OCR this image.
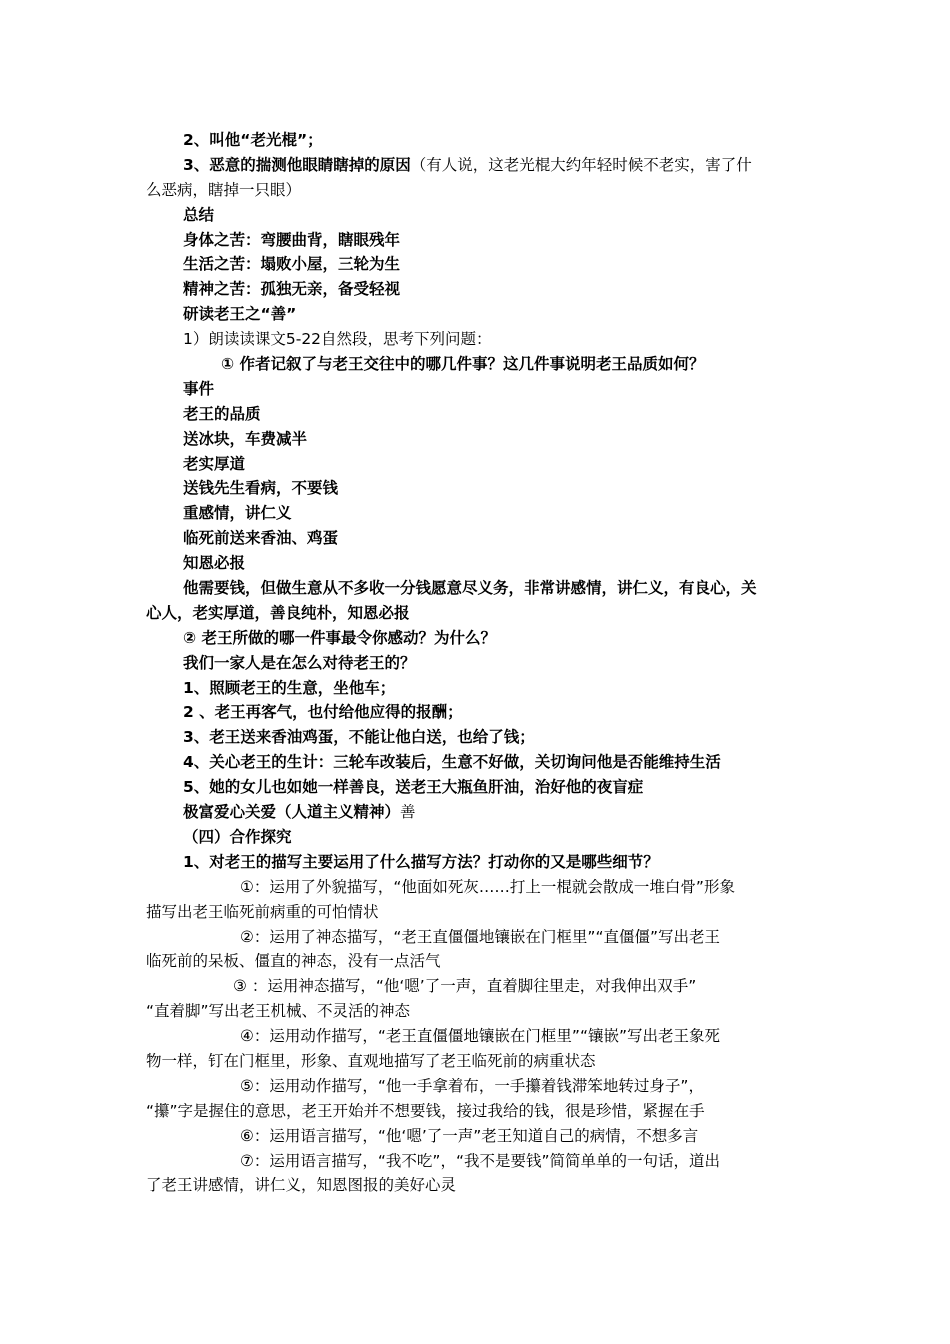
2、叫他“老光棍”；
3、恶意的揣测他眼睛瞎掉的原因（有人说，这老光棍大约年轻时候不老实，害了什
么恶病，瞎掉一只眼）
总结
身体之苦：弯腰曲背，瞎眼残年
生活之苦：塌败小屋，三轮为生
精神之苦：孤独无亲，备受轻视
研读老王之“善”
1）朗读读课文5-22自然段，思考下列问题：
① 作者记叙了与老王交往中的哪几件事？这几件事说明老王品质如何？
事件
老王的品质
送冰块，车费减半
老实厚道
送钱先生看病，不要钱
重感情，讲仁义
临死前送来香油、鸡蛋
知恩必报
他需要钱，但做生意从不多收一分钱愿意尽义务，非常讲感情，讲仁义，有良心，关
心人，老实厚道，善良纯朴，知恩必报
② 老王所做的哪一件事最令你感动？为什么？
我们一家人是在怎么对待老王的？
1、照顾老王的生意，坐他车；
2 、老王再客气，也付给他应得的报酬；
3、老王送来香油鸡蛋，不能让他白送，也给了钱；
4、关心老王的生计：三轮车改装后，生意不好做，关切询问他是否能维持生活
5、她的女儿也如她一样善良，送老王大瓶鱼肝油，治好他的夜盲症
极富爱心关爱（人道主义精神）善
（四）合作探究
1、对老王的描写主要运用了什么描写方法？打动你的又是哪些细节？
①：运用了外貌描写，“他面如死灰……打上一棍就会散成一堆白骨”形象
描写出老王临死前病重的可怕情状
②：运用了神态描写，“老王直僵僵地镶嵌在门框里”“直僵僵”写出老王
临死前的呆板、僵直的神态，没有一点活气
③ ：运用神态描写，“他‘嗯’了一声，直着脚往里走，对我伸出双手”
“直着脚”写出老王机械、不灵活的神态
④：运用动作描写，“老王直僵僵地镶嵌在门框里”“镶嵌”写出老王象死
物一样，钉在门框里，形象、直观地描写了老王临死前的病重状态
⑤：运用动作描写，“他一手拿着布，一手攥着钱滞笨地转过身子”，
“攥”字是握住的意思，老王开始并不想要钱，接过我给的钱，很是珍惜，紧握在手
⑥：运用语言描写，“他‘嗯’了一声”老王知道自己的病情，不想多言
⑦：运用语言描写，“我不吃”，“我不是要钱”简简单单的一句话，道出
了老王讲感情，讲仁义，知恩图报的美好心灵
